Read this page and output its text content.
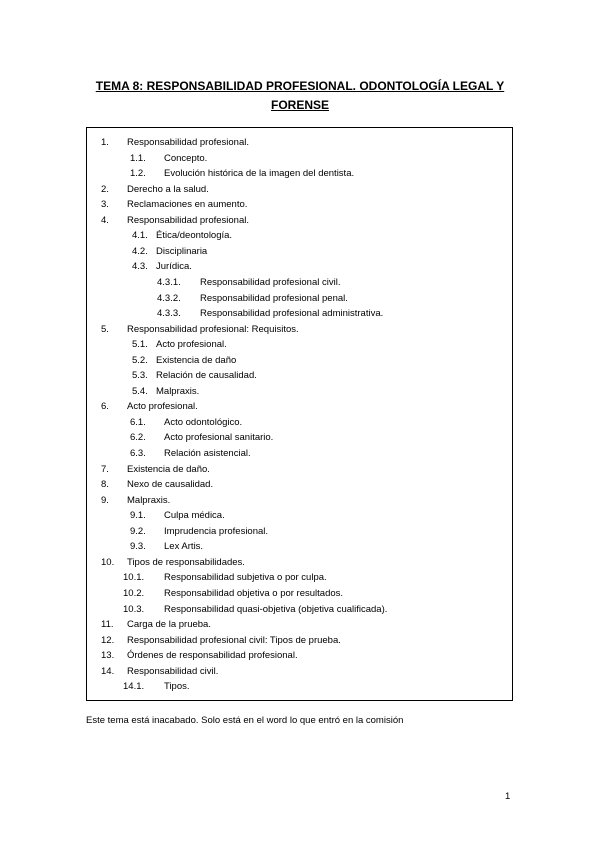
TEMA 8: RESPONSABILIDAD PROFESIONAL. ODONTOLOGÍA LEGAL Y
FORENSE
1. Responsabilidad profesional.
1.1. Concepto.
1.2. Evolución histórica de la imagen del dentista.
2. Derecho a la salud.
3. Reclamaciones en aumento.
4. Responsabilidad profesional.
4.1. Ética/deontología.
4.2. Disciplinaria
4.3. Jurídica.
4.3.1. Responsabilidad profesional civil.
4.3.2. Responsabilidad profesional penal.
4.3.3. Responsabilidad profesional administrativa.
5. Responsabilidad profesional: Requisitos.
5.1. Acto profesional.
5.2. Existencia de daño
5.3. Relación de causalidad.
5.4. Malpraxis.
6. Acto profesional.
6.1. Acto odontológico.
6.2. Acto profesional sanitario.
6.3. Relación asistencial.
7. Existencia de daño.
8. Nexo de causalidad.
9. Malpraxis.
9.1. Culpa médica.
9.2. Imprudencia profesional.
9.3. Lex Artis.
10. Tipos de responsabilidades.
10.1. Responsabilidad subjetiva o por culpa.
10.2. Responsabilidad objetiva o por resultados.
10.3. Responsabilidad quasi-objetiva (objetiva cualificada).
11. Carga de la prueba.
12. Responsabilidad profesional civil: Tipos de prueba.
13. Órdenes de responsabilidad profesional.
14. Responsabilidad civil.
14.1. Tipos.
Este tema está inacabado. Solo está en el word lo que entró en la comisión
1
